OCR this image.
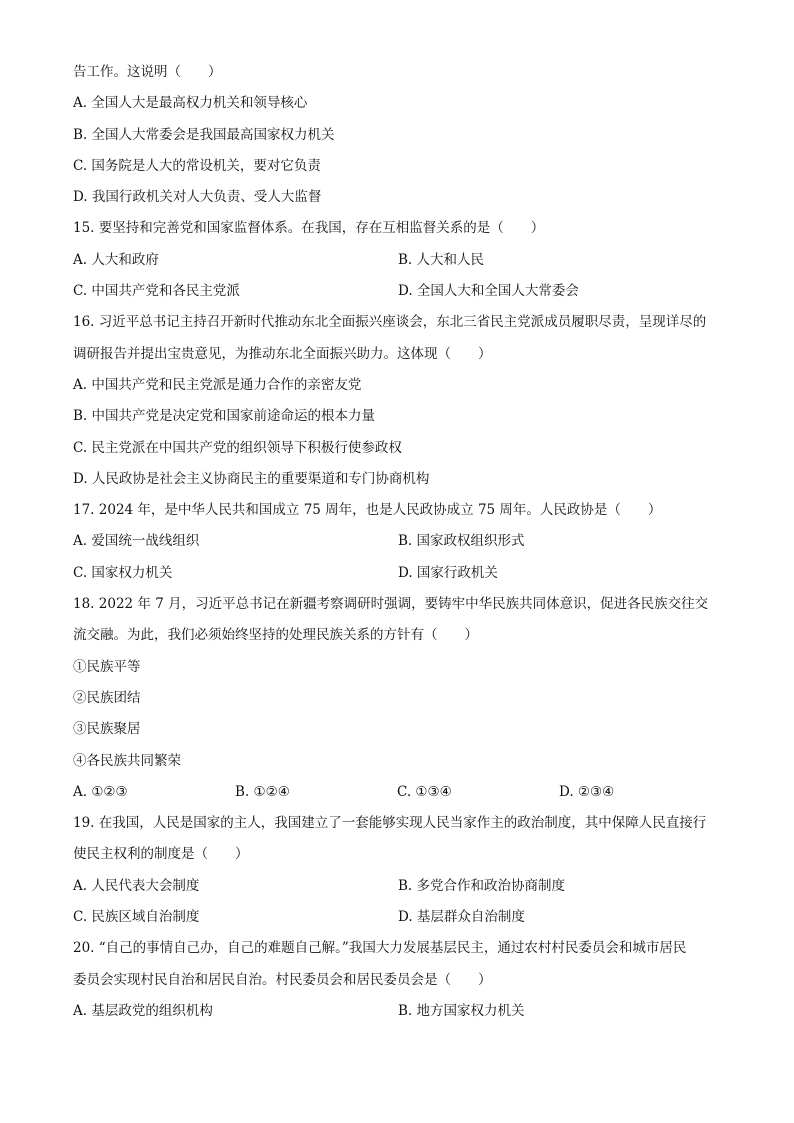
告工作。这说明（　　）
A. 全国人大是最高权力机关和领导核心
B. 全国人大常委会是我国最高国家权力机关
C. 国务院是人大的常设机关，要对它负责
D. 我国行政机关对人大负责、受人大监督
15. 要坚持和完善党和国家监督体系。在我国，存在互相监督关系的是（　　）
A. 人大和政府	B. 人大和人民
C. 中国共产党和各民主党派	D. 全国人大和全国人大常委会
16. 习近平总书记主持召开新时代推动东北全面振兴座谈会，东北三省民主党派成员履职尽责，呈现详尽的
调研报告并提出宝贵意见，为推动东北全面振兴助力。这体现（　　）
A. 中国共产党和民主党派是通力合作的亲密友党
B. 中国共产党是决定党和国家前途命运的根本力量
C. 民主党派在中国共产党的组织领导下积极行使参政权
D. 人民政协是社会主义协商民主的重要渠道和专门协商机构
17. 2024 年，是中华人民共和国成立 75 周年，也是人民政协成立 75 周年。人民政协是（　　）
A. 爱国统一战线组织	B. 国家政权组织形式
C. 国家权力机关	D. 国家行政机关
18. 2022 年 7 月，习近平总书记在新疆考察调研时强调，要铸牢中华民族共同体意识，促进各民族交往交
流交融。为此，我们必须始终坚持的处理民族关系的方针有（　　）
①民族平等
②民族团结
③民族聚居
④各民族共同繁荣
A. ①②③	B. ①②④	C. ①③④	D. ②③④
19. 在我国，人民是国家的主人，我国建立了一套能够实现人民当家作主的政治制度，其中保障人民直接行
使民主权利的制度是（　　）
A. 人民代表大会制度	B. 多党合作和政治协商制度
C. 民族区域自治制度	D. 基层群众自治制度
20. “自己的事情自己办，自己的难题自己解。”我国大力发展基层民主，通过农村村民委员会和城市居民
委员会实现村民自治和居民自治。村民委员会和居民委员会是（　　）
A. 基层政党的组织机构	B. 地方国家权力机关
